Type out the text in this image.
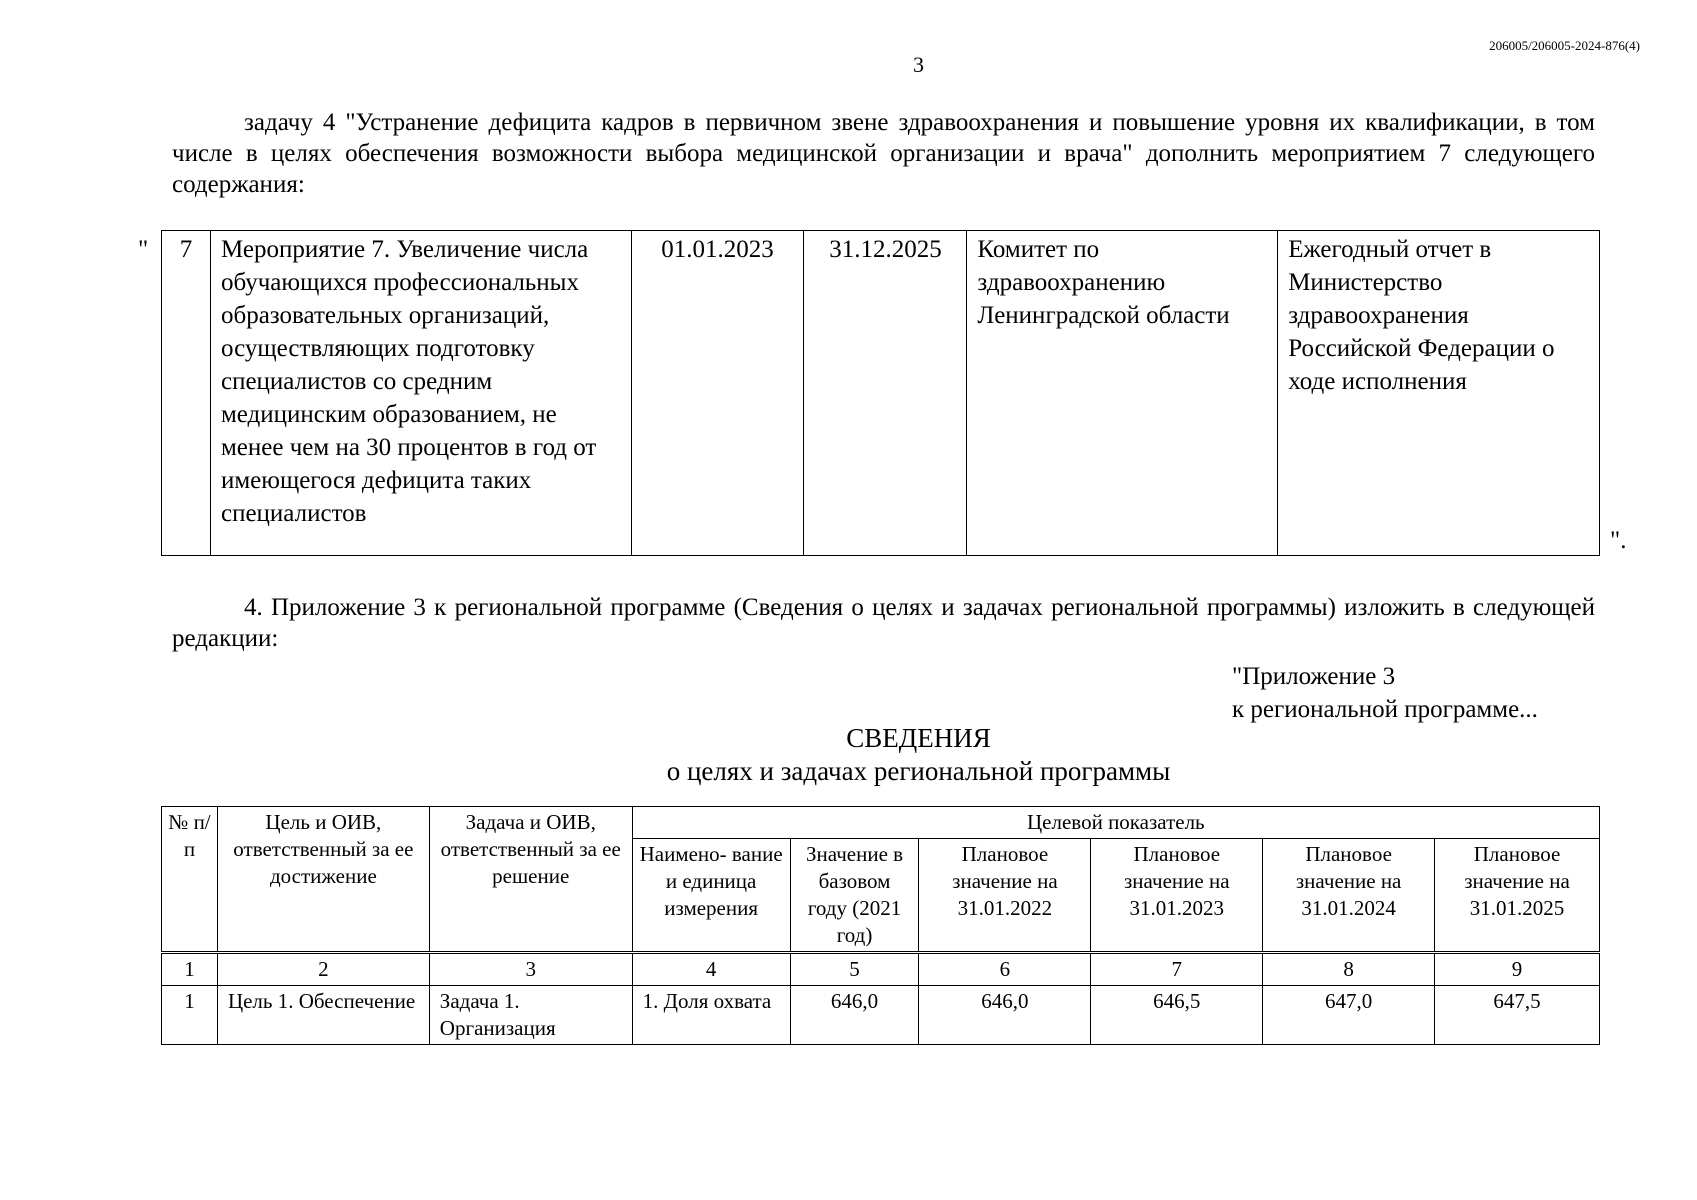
206005/206005-2024-876(4)
3
задачу 4 "Устранение дефицита кадров в первичном звене здравоохранения и повышение уровня их квалификации, в том числе в целях обеспечения возможности выбора медицинской организации и врача" дополнить мероприятием 7 следующего содержания:
" 7	Мероприятие 7. Увеличение числа обучающихся профессиональных образовательных организаций, осуществляющих подготовку специалистов со средним медицинским образованием, не менее чем на 30 процентов в год от имеющегося дефицита таких специалистов	01.01.2023	31.12.2025	Комитет по здравоохранению Ленинградской области	Ежегодный отчет в Министерство здравоохранения Российской Федерации о ходе исполнения
".
4. Приложение 3 к региональной программе (Сведения о целях и задачах региональной программы) изложить в следующей редакции:
"Приложение 3
к региональной программе...
СВЕДЕНИЯ
о целях и задачах региональной программы
№ п/п	Цель и ОИВ, ответственный за ее достижение	Задача и ОИВ, ответственный за ее решение	Целевой показатель					
			Наимено- вание и единица измерения	Значение в базовом году (2021 год)	Плановое значение на 31.01.2022	Плановое значение на 31.01.2023	Плановое значение на 31.01.2024	Плановое значение на 31.01.2025
1	2	3	4	5	6	7	8	9
1	Цель 1. Обеспечение	Задача 1. Организация	1. Доля охвата	646,0	646,0	646,5	647,0	647,5
